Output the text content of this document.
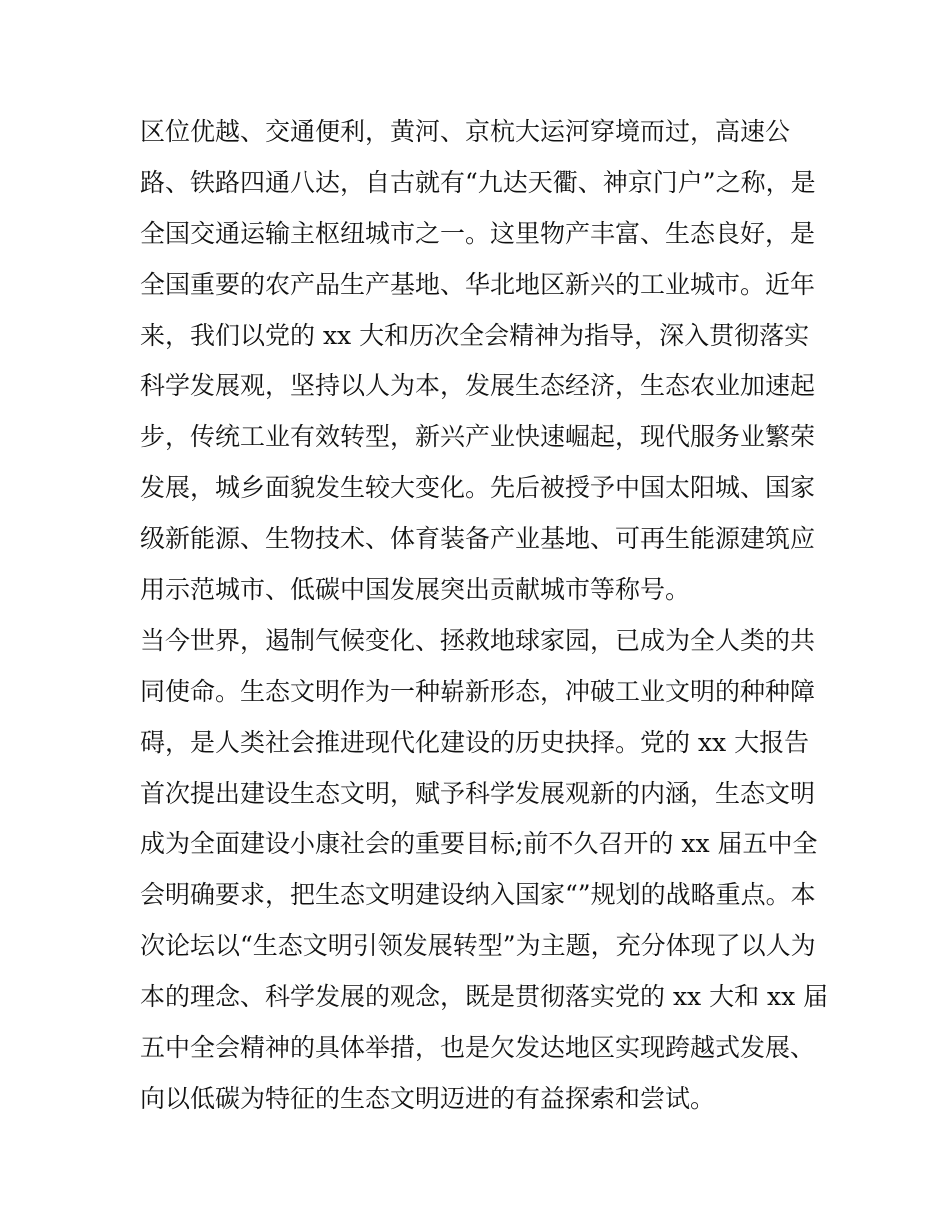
区位优越、交通便利，黄河、京杭大运河穿境而过，高速公
路、铁路四通八达，自古就有“九达天衢、神京门户”之称，是
全国交通运输主枢纽城市之一。这里物产丰富、生态良好，是
全国重要的农产品生产基地、华北地区新兴的工业城市。近年
来，我们以党的 xx 大和历次全会精神为指导，深入贯彻落实
科学发展观，坚持以人为本，发展生态经济，生态农业加速起
步，传统工业有效转型，新兴产业快速崛起，现代服务业繁荣
发展，城乡面貌发生较大变化。先后被授予中国太阳城、国家
级新能源、生物技术、体育装备产业基地、可再生能源建筑应
用示范城市、低碳中国发展突出贡献城市等称号。
当今世界，遏制气候变化、拯救地球家园，已成为全人类的共
同使命。生态文明作为一种崭新形态，冲破工业文明的种种障
碍，是人类社会推进现代化建设的历史抉择。党的 xx 大报告
首次提出建设生态文明，赋予科学发展观新的内涵，生态文明
成为全面建设小康社会的重要目标;前不久召开的 xx 届五中全
会明确要求，把生态文明建设纳入国家“”规划的战略重点。本
次论坛以“生态文明引领发展转型”为主题，充分体现了以人为
本的理念、科学发展的观念，既是贯彻落实党的 xx 大和 xx 届
五中全会精神的具体举措，也是欠发达地区实现跨越式发展、
向以低碳为特征的生态文明迈进的有益探索和尝试。
